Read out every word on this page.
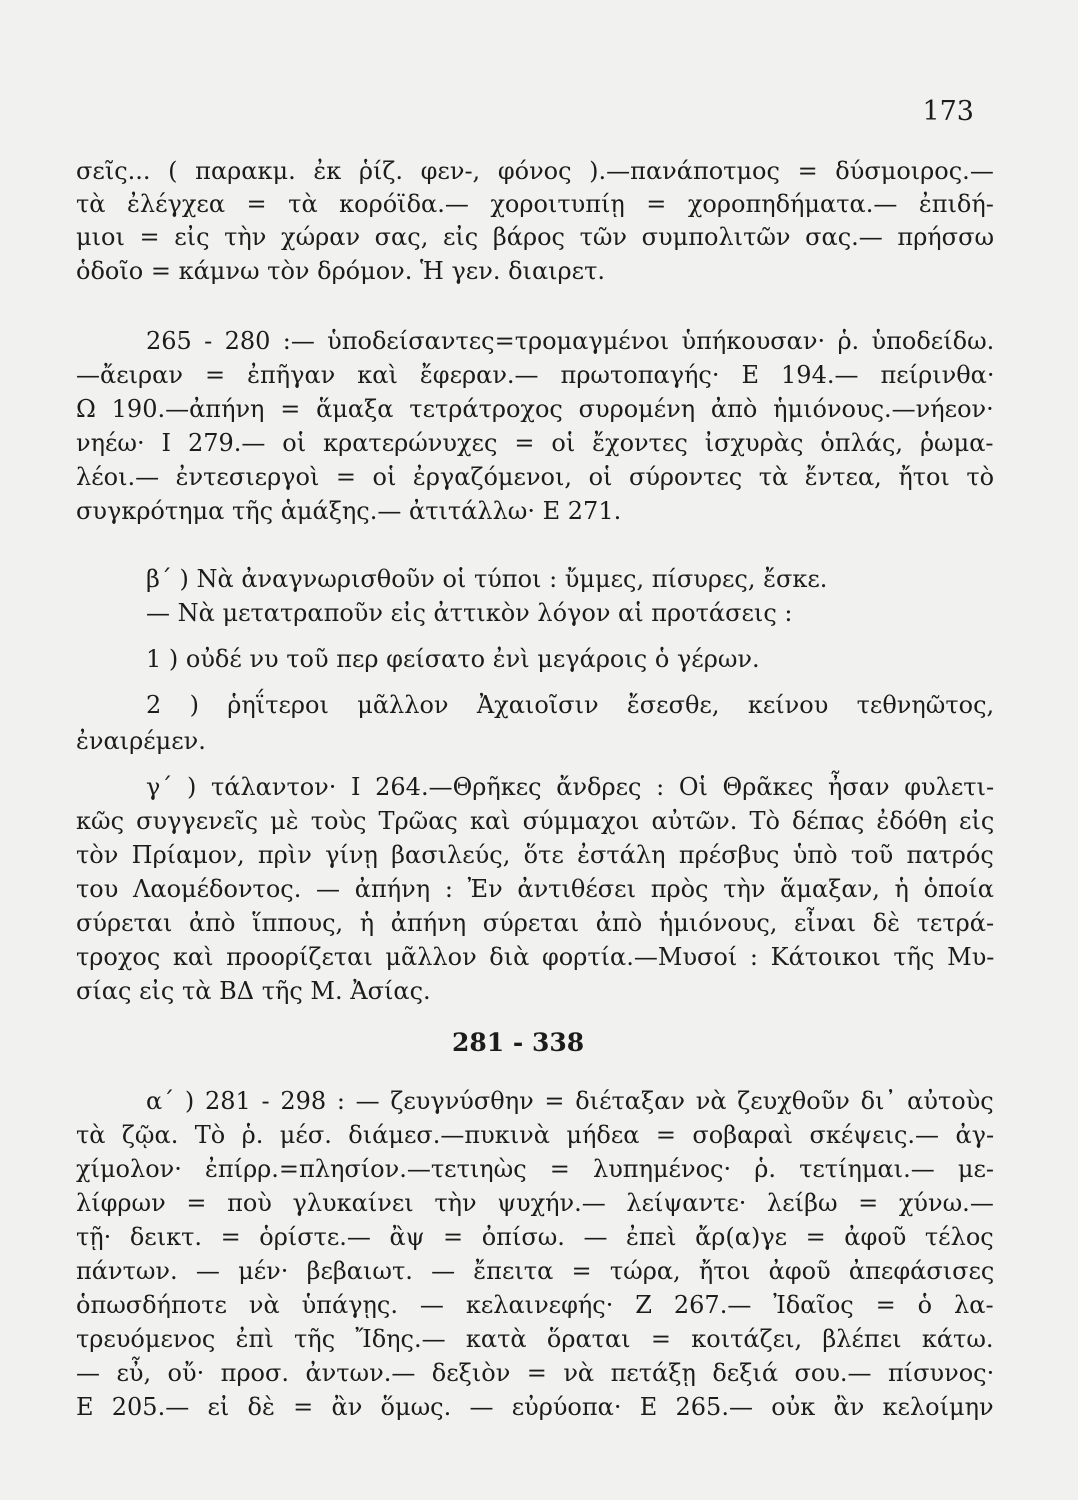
173
σεῖς... ( παρακμ. ἐκ ῥίζ. φεν-, φόνος ).—πανάποτμος = δύσμοιρος.—
τὰ ἐλέγχεα = τὰ κορόϊδα.— χοροιτυπίῃ = χοροπηδήματα.— ἐπιδή-
μιοι = εἰς τὴν χώραν σας, εἰς βάρος τῶν συμπολιτῶν σας.— πρήσσω
ὁδοῖο = κάμνω τὸν δρόμον. Ἡ γεν. διαιρετ.
265 - 280 :— ὑποδείσαντες=τρομαγμένοι ὑπήκουσαν· ῥ. ὑποδείδω.
—ἄειραν = ἐπῆγαν καὶ ἔφεραν.— πρωτοπαγής· Ε 194.— πείρινθα·
Ω 190.—ἀπήνη = ἅμαξα τετράτροχος συρομένη ἀπὸ ἡμιόνους.—νήεον·
νηέω· Ι 279.— οἱ κρατερώνυχες = οἱ ἔχοντες ἰσχυρὰς ὁπλάς, ῥωμα-
λέοι.— ἐντεσιεργοὶ = οἱ ἐργαζόμενοι, οἱ σύροντες τὰ ἔντεα, ἤτοι τὸ
συγκρότημα τῆς ἁμάξης.— ἀτιτάλλω· Ε 271.
β΄ ) Νὰ ἀναγνωρισθοῦν οἱ τύποι : ὔμμες, πίσυρες, ἔσκε.
— Νὰ μετατραποῦν εἰς ἀττικὸν λόγον αἱ προτάσεις :
1 ) οὐδέ νυ τοῦ περ φείσατο ἐνὶ μεγάροις ὁ γέρων.
2 ) ῥηΐτεροι μᾶλλον Ἀχαιοῖσιν ἔσεσθε, κείνου τεθνηῶτος,
ἐναιρέμεν.
γ΄ ) τάλαντον· Ι 264.—Θρῆκες ἄνδρες : Οἱ Θρᾶκες ἦσαν φυλετι-
κῶς συγγενεῖς μὲ τοὺς Τρῶας καὶ σύμμαχοι αὐτῶν. Τὸ δέπας ἐδόθη εἰς
τὸν Πρίαμον, πρὶν γίνῃ βασιλεύς, ὅτε ἐστάλη πρέσβυς ὑπὸ τοῦ πατρός
του Λαομέδοντος. — ἀπήνη : Ἐν ἀντιθέσει πρὸς τὴν ἅμαξαν, ἡ ὁποία
σύρεται ἀπὸ ἵππους, ἡ ἀπήνη σύρεται ἀπὸ ἡμιόνους, εἶναι δὲ τετρά-
τροχος καὶ προορίζεται μᾶλλον διὰ φορτία.—Μυσοί : Κάτοικοι τῆς Μυ-
σίας εἰς τὰ ΒΔ τῆς Μ. Ἀσίας.
281 - 338
α΄ ) 281 - 298 : — ζευγνύσθην = διέταξαν νὰ ζευχθοῦν δι᾽ αὐτοὺς
τὰ ζῷα. Τὸ ῥ. μέσ. διάμεσ.—πυκινὰ μήδεα = σοβαραὶ σκέψεις.— ἀγ-
χίμολον· ἐπίρρ.=πλησίον.—τετιηὼς = λυπημένος· ῥ. τετίημαι.— με-
λίφρων = ποὺ γλυκαίνει τὴν ψυχήν.— λείψαντε· λείβω = χύνω.—
τῇ· δεικτ. = ὁρίστε.— ἂψ = ὀπίσω. — ἐπεὶ ἄρ(α)γε = ἀφοῦ τέλος
πάντων. — μέν· βεβαιωτ. — ἔπειτα = τώρα, ἤτοι ἀφοῦ ἀπεφάσισες
ὁπωσδήποτε νὰ ὑπάγῃς. — κελαινεφής· Ζ 267.— Ἰδαῖος = ὁ λα-
τρευόμενος ἐπὶ τῆς Ἴδης.— κατὰ ὅραται = κοιτάζει, βλέπει κάτω.
— εὖ, οὔ· προσ. ἀντων.— δεξιὸν = νὰ πετάξῃ δεξιά σου.— πίσυνος·
Ε 205.— εἰ δὲ = ἂν ὅμως. — εὐρύοπα· Ε 265.— οὐκ ἂν κελοίμην
